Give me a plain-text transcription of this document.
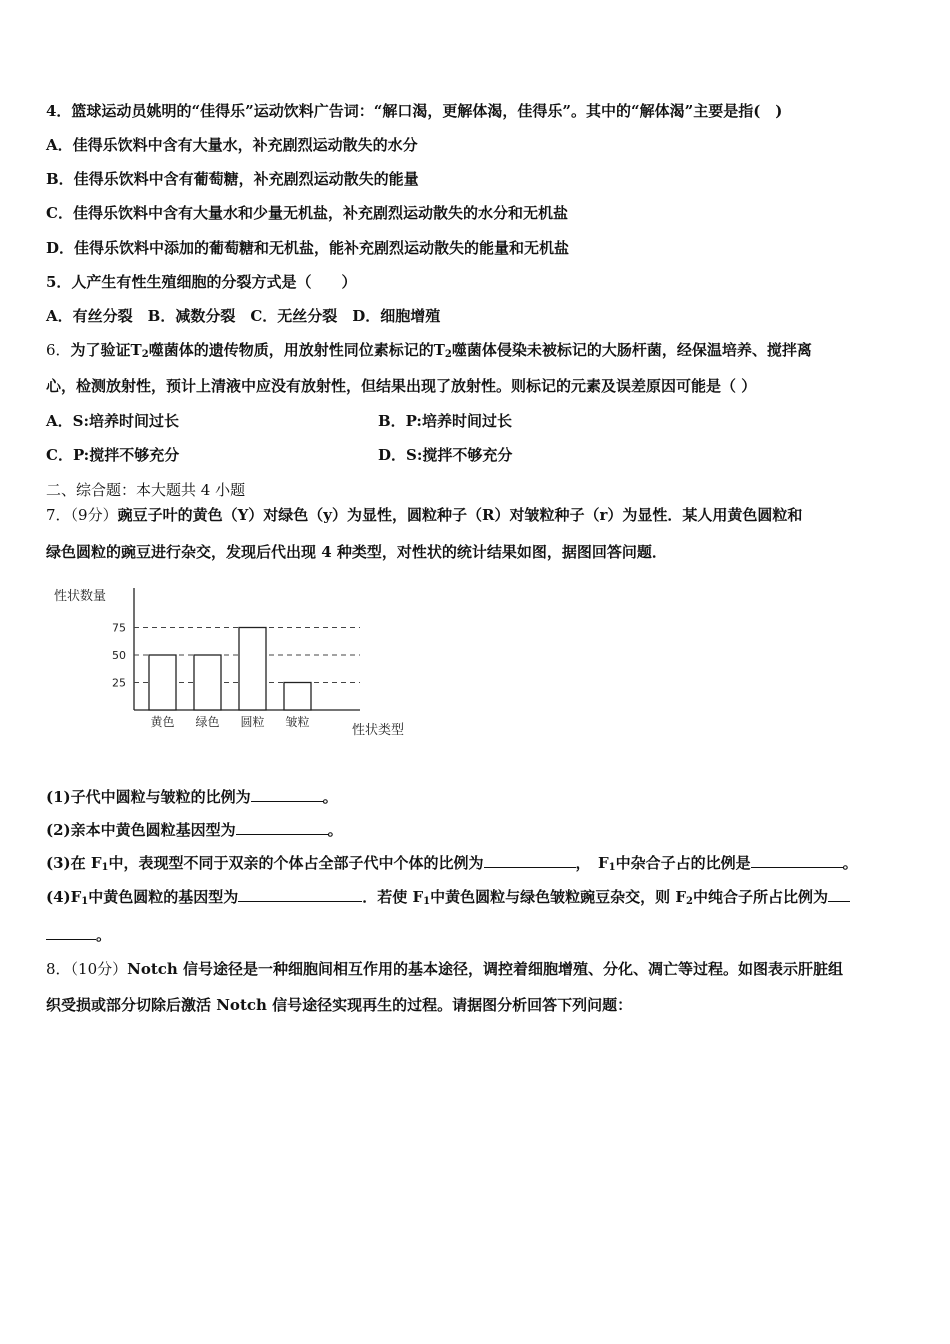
4．篮球运动员姚明的“佳得乐”运动饮料广告词：“解口渴，更解体渴，佳得乐”。其中的“解体渴”主要是指(　)
A．佳得乐饮料中含有大量水，补充剧烈运动散失的水分
B．佳得乐饮料中含有葡萄糖，补充剧烈运动散失的能量
C．佳得乐饮料中含有大量水和少量无机盐，补充剧烈运动散失的水分和无机盐
D．佳得乐饮料中添加的葡萄糖和无机盐，能补充剧烈运动散失的能量和无机盐
5．人产生有性生殖细胞的分裂方式是（　　）
A．有丝分裂　B．减数分裂　C．无丝分裂　D．细胞增殖
6．为了验证$T_2$噬菌体的遗传物质，用放射性同位素标记的$T_2$噬菌体侵染未被标记的大肠杆菌，经保温培养、搅拌离
心，检测放射性，预计上清液中应没有放射性，但结果出现了放射性。则标记的元素及误差原因可能是（ ）
A．S:培养时间过长	B．P:培养时间过长
C．P:搅拌不够充分	D．S:搅拌不够充分
二、综合题：本大题共 4 小题
7．（9分）豌豆子叶的黄色（Y）对绿色（y）为显性，圆粒种子（R）对皱粒种子（r）为显性．某人用黄色圆粒和
绿色圆粒的豌豆进行杂交，发现后代出现 4 种类型，对性状的统计结果如图，据图回答问题．
性状数量
性状类型
25
50
75
黄色 绿色 圆粒 皱粒
(1)子代中圆粒与皱粒的比例为	。
(2)亲本中黄色圆粒基因型为	。
(3)在 $F_1$中，表现型不同于双亲的个体占全部子代中个体的比例为	，　$F_1$中杂合子占的比例是	。
$(4)F_1$中黄色圆粒的基因型为	．若使 $F_1$中黄色圆粒与绿色皱粒豌豆杂交，则 $F_2$中纯合子所占比例为
。
8．（10分）Notch 信号途径是一种细胞间相互作用的基本途径，调控着细胞增殖、分化、凋亡等过程。如图表示肝脏组
织受损或部分切除后激活 Notch 信号途径实现再生的过程。请据图分析回答下列问题：
